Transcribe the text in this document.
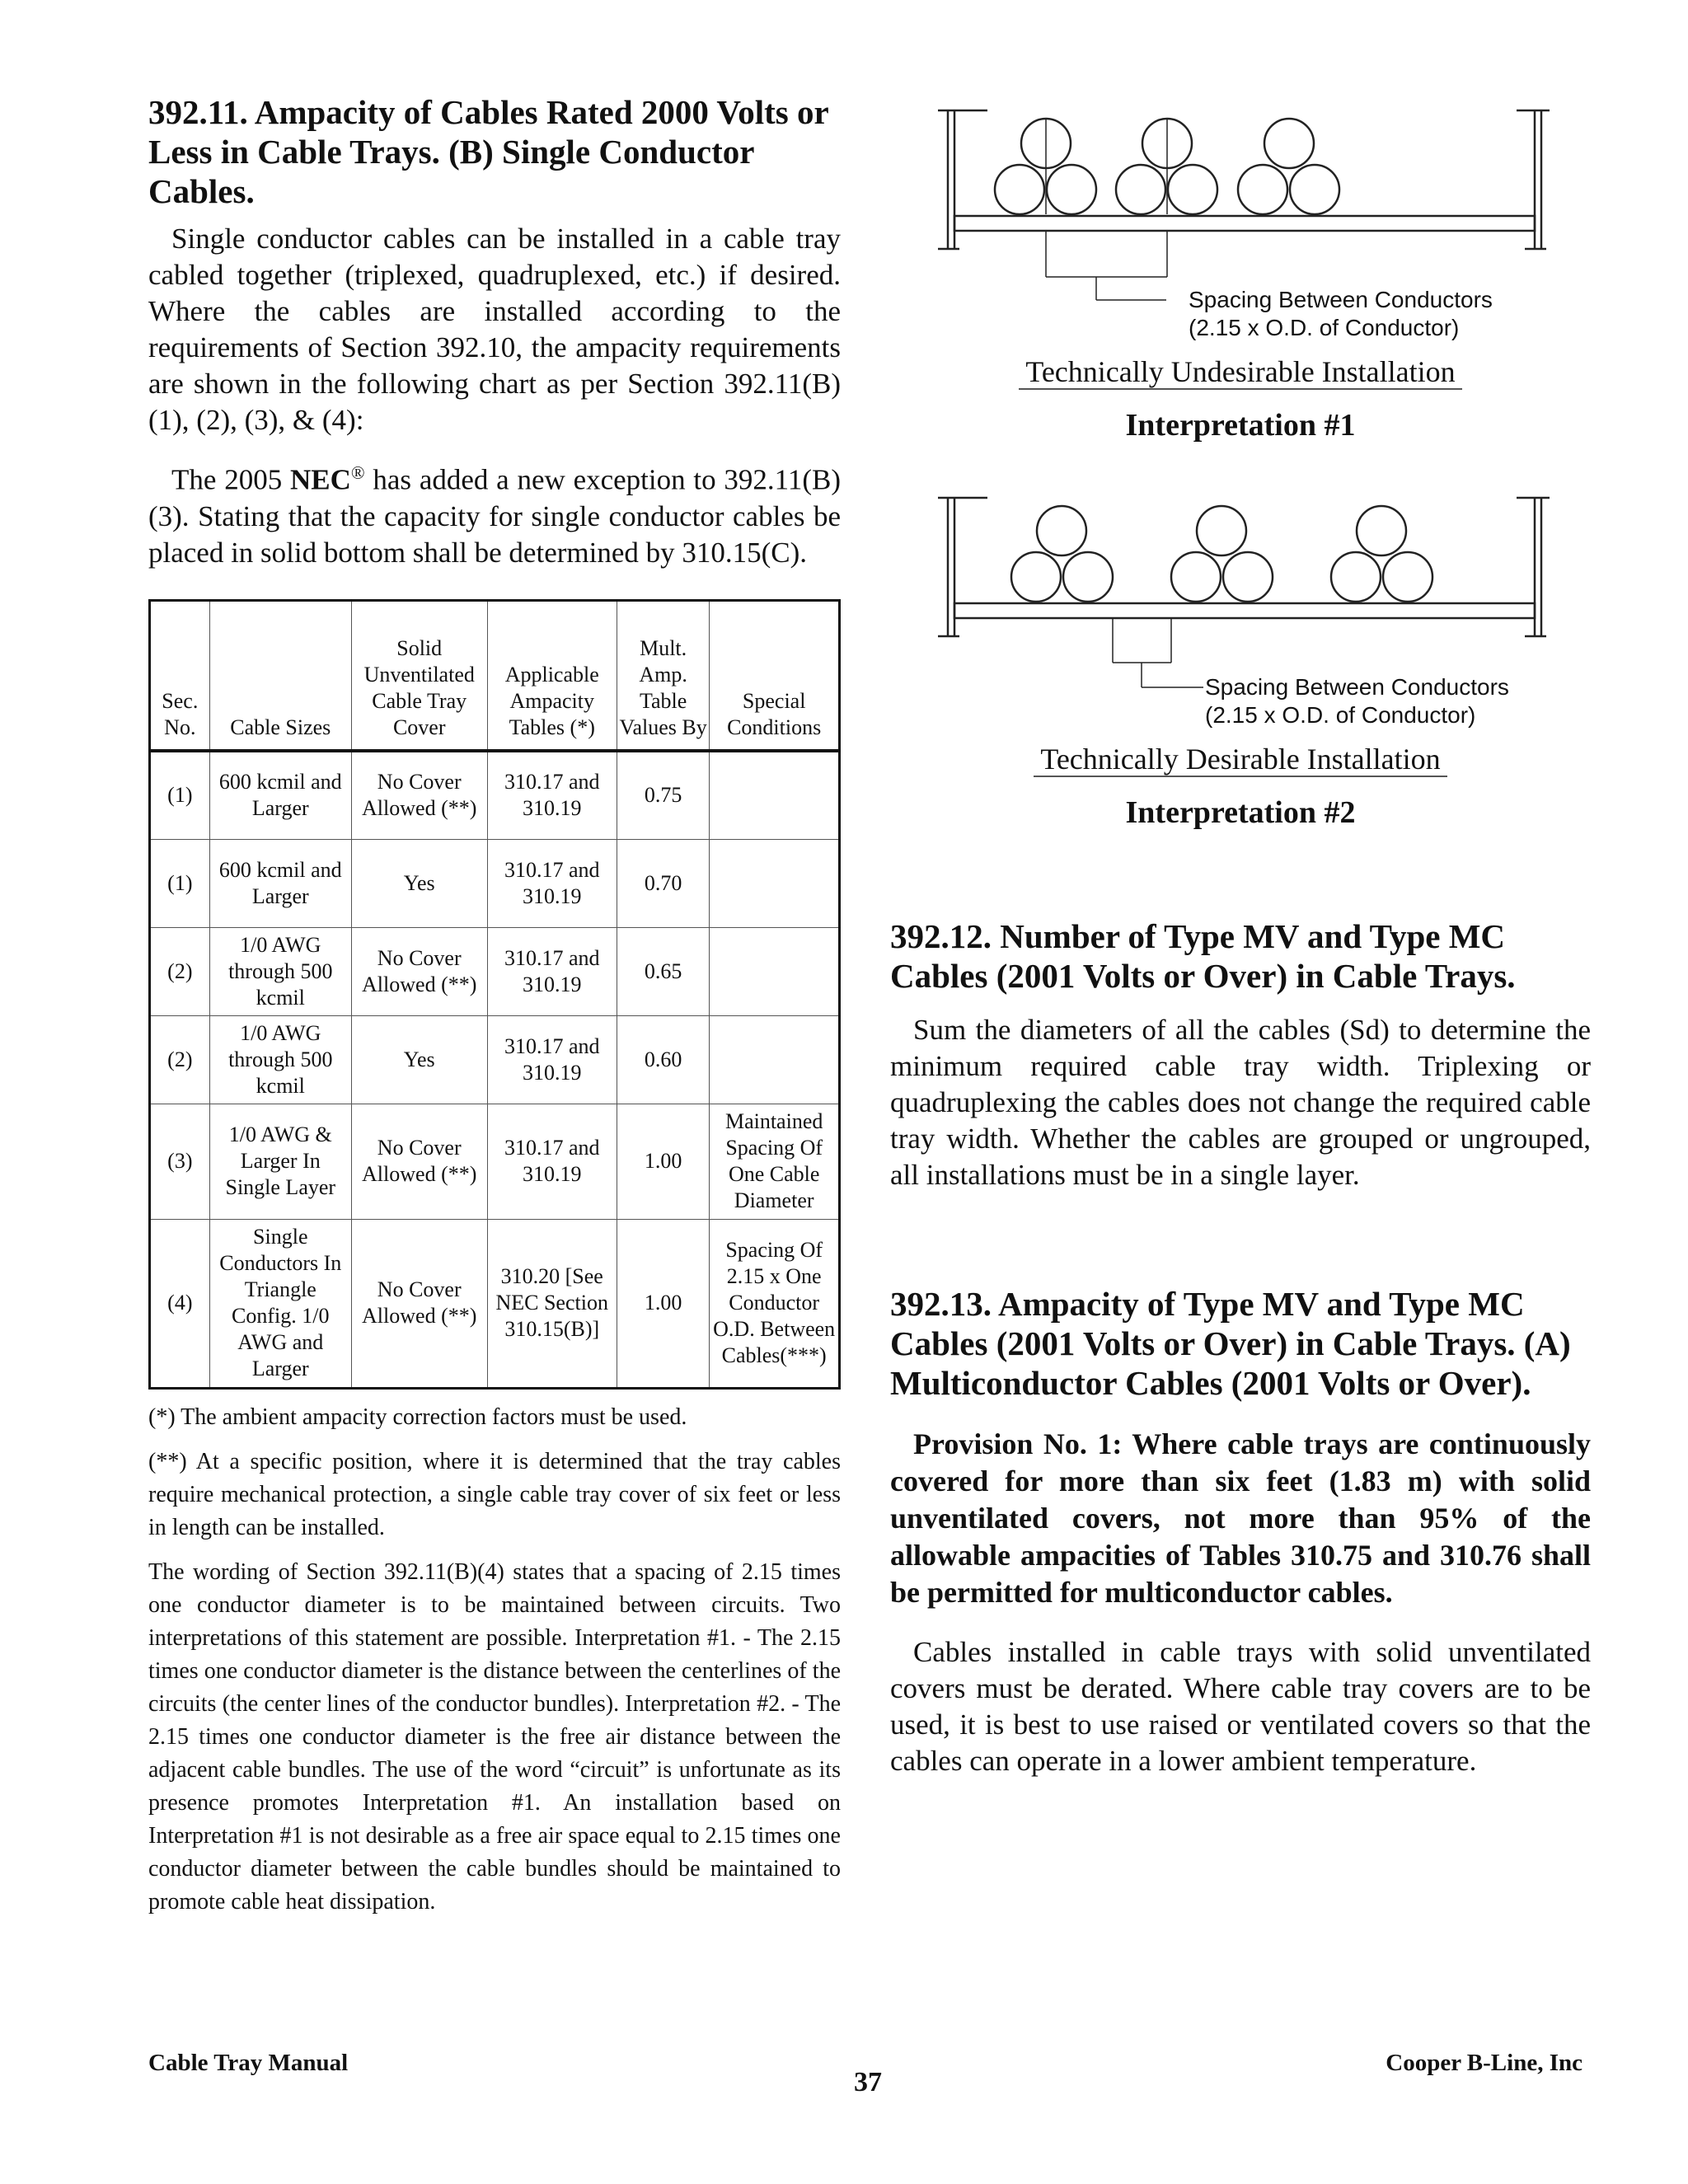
392.11. Ampacity of Cables Rated 2000 Volts or Less in Cable Trays. (B) Single Conductor Cables.

Single conductor cables can be installed in a cable tray cabled together (triplexed, quadruplexed, etc.) if desired. Where the cables are installed according to the requirements of Section 392.10, the ampacity requirements are shown in the following chart as per Section 392.11(B)(1), (2), (3), & (4):

The 2005 NEC® has added a new exception to 392.11(B)(3). Stating that the capacity for single conductor cables be placed in solid bottom shall be determined by 310.15(C).

Sec. No.	Cable Sizes	Solid Unventilated Cable Tray Cover	Applicable Ampacity Tables (*)	Mult. Amp. Table Values By	Special Conditions
(1)	600 kcmil and Larger	No Cover Allowed (**)	310.17 and 310.19	0.75	
(1)	600 kcmil and Larger	Yes	310.17 and 310.19	0.70	
(2)	1/0 AWG through 500 kcmil	No Cover Allowed (**)	310.17 and 310.19	0.65	
(2)	1/0 AWG through 500 kcmil	Yes	310.17 and 310.19	0.60	
(3)	1/0 AWG & Larger In Single Layer	No Cover Allowed (**)	310.17 and 310.19	1.00	Maintained Spacing Of One Cable Diameter
(4)	Single Conductors In Triangle Config. 1/0 AWG and Larger	No Cover Allowed (**)	310.20 [See NEC Section 310.15(B)]	1.00	Spacing Of 2.15 x One Conductor O.D. Between Cables(***)

(*) The ambient ampacity correction factors must be used.

(**) At a specific position, where it is determined that the tray cables require mechanical protection, a single cable tray cover of six feet or less in length can be installed.

The wording of Section 392.11(B)(4) states that a spacing of 2.15 times one conductor diameter is to be maintained between circuits. Two interpretations of this statement are possible. Interpretation #1. - The 2.15 times one conductor diameter is the distance between the centerlines of the circuits (the center lines of the conductor bundles). Interpretation #2. - The 2.15 times one conductor diameter is the free air distance between the adjacent cable bundles. The use of the word “circuit” is unfortunate as its presence promotes Interpretation #1. An installation based on Interpretation #1 is not desirable as a free air space equal to 2.15 times one conductor diameter between the cable bundles should be maintained to promote cable heat dissipation.

Spacing Between Conductors
(2.15 x O.D. of Conductor)
Technically Undesirable Installation
Interpretation #1
Spacing Between Conductors
(2.15 x O.D. of Conductor)
Technically Desirable Installation
Interpretation #2
392.12. Number of Type MV and Type MC Cables (2001 Volts or Over) in Cable Trays.

Sum the diameters of all the cables (Sd) to determine the minimum required cable tray width. Triplexing or quadruplexing the cables does not change the required cable tray width. Whether the cables are grouped or ungrouped, all installations must be in a single layer.

392.13. Ampacity of Type MV and Type MC Cables (2001 Volts or Over) in Cable Trays. (A) Multiconductor Cables (2001 Volts or Over).

Provision No. 1: Where cable trays are continuously covered for more than six feet (1.83 m) with solid unventilated covers, not more than 95% of the allowable ampacities of Tables 310.75 and 310.76 shall be permitted for multiconductor cables.

Cables installed in cable trays with solid unventilated covers must be derated. Where cable tray covers are to be used, it is best to use raised or ventilated covers so that the cables can operate in a lower ambient temperature.

Cable Tray Manual
37
Cooper B-Line, Inc
